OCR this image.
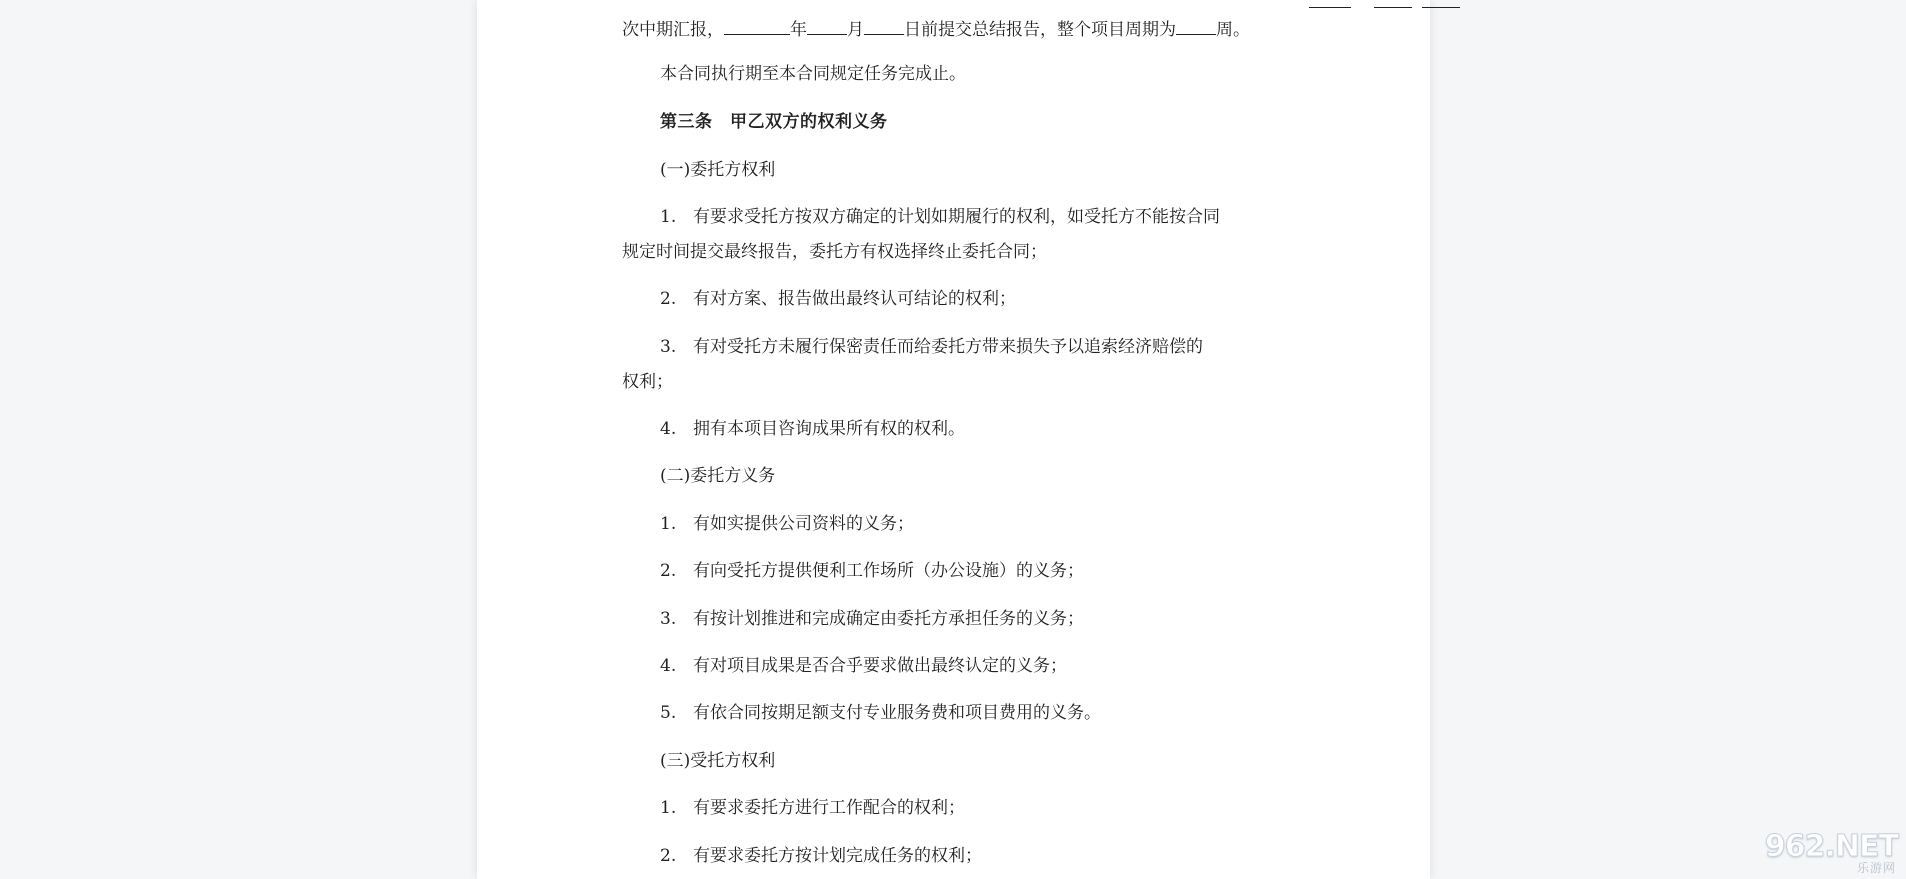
次中期汇报，	年 月 日前提交总结报告，整个项目周期为 周。
本合同执行期至本合同规定任务完成止。
第三条　甲乙双方的权利义务
(一)委托方权利
1. 有要求受托方按双方确定的计划如期履行的权利，如受托方不能按合同
规定时间提交最终报告，委托方有权选择终止委托合同；
2. 有对方案、报告做出最终认可结论的权利；
3. 有对受托方未履行保密责任而给委托方带来损失予以追索经济赔偿的
权利；
4. 拥有本项目咨询成果所有权的权利。
(二)委托方义务
1. 有如实提供公司资料的义务；
2. 有向受托方提供便利工作场所（办公设施）的义务；
3. 有按计划推进和完成确定由委托方承担任务的义务；
4. 有对项目成果是否合乎要求做出最终认定的义务；
5. 有依合同按期足额支付专业服务费和项目费用的义务。
(三)受托方权利
1. 有要求委托方进行工作配合的权利；
2. 有要求委托方按计划完成任务的权利；	962.NET
乐游网
